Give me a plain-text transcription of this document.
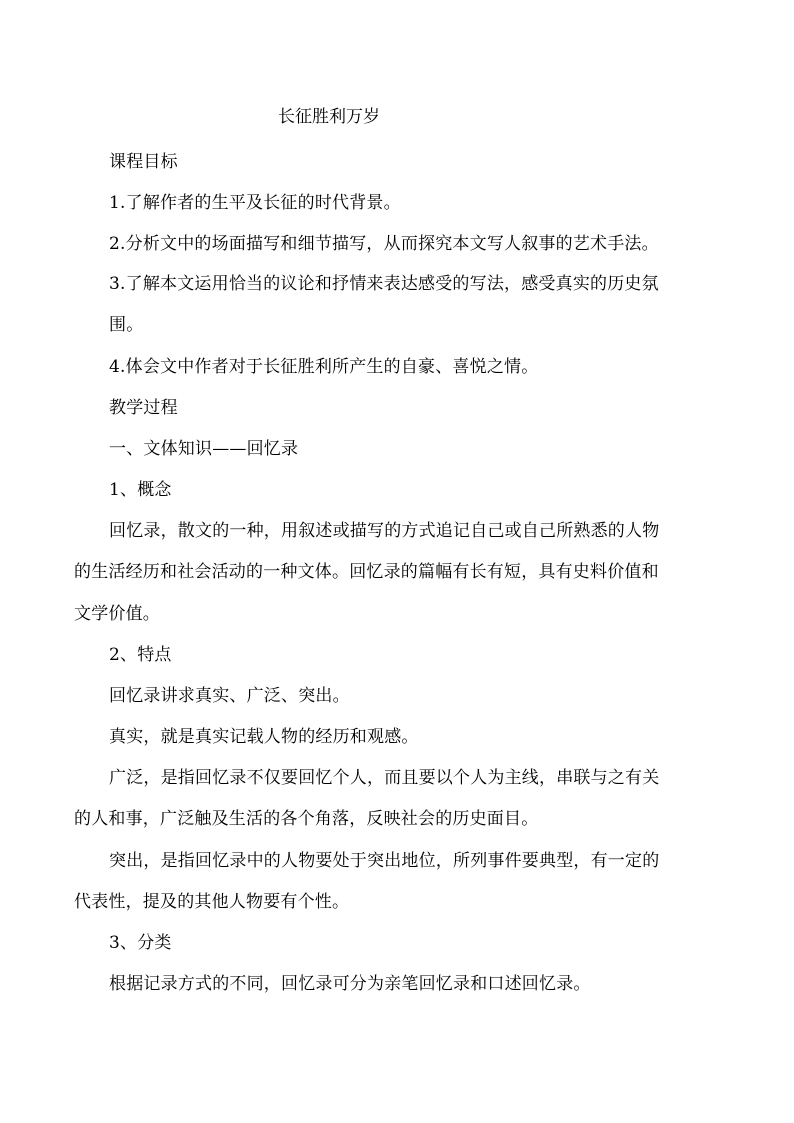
长征胜利万岁
课程目标
1.了解作者的生平及长征的时代背景。
2.分析文中的场面描写和细节描写，从而探究本文写人叙事的艺术手法。
3.了解本文运用恰当的议论和抒情来表达感受的写法，感受真实的历史氛
围。
4.体会文中作者对于长征胜利所产生的自豪、喜悦之情。
教学过程
一、文体知识——回忆录
1、概念
回忆录，散文的一种，用叙述或描写的方式追记自己或自己所熟悉的人物
的生活经历和社会活动的一种文体。回忆录的篇幅有长有短，具有史料价值和
文学价值。
2、特点
回忆录讲求真实、广泛、突出。
真实，就是真实记载人物的经历和观感。
广泛，是指回忆录不仅要回忆个人，而且要以个人为主线，串联与之有关
的人和事，广泛触及生活的各个角落，反映社会的历史面目。
突出，是指回忆录中的人物要处于突出地位，所列事件要典型，有一定的
代表性，提及的其他人物要有个性。
3、分类
根据记录方式的不同，回忆录可分为亲笔回忆录和口述回忆录。
